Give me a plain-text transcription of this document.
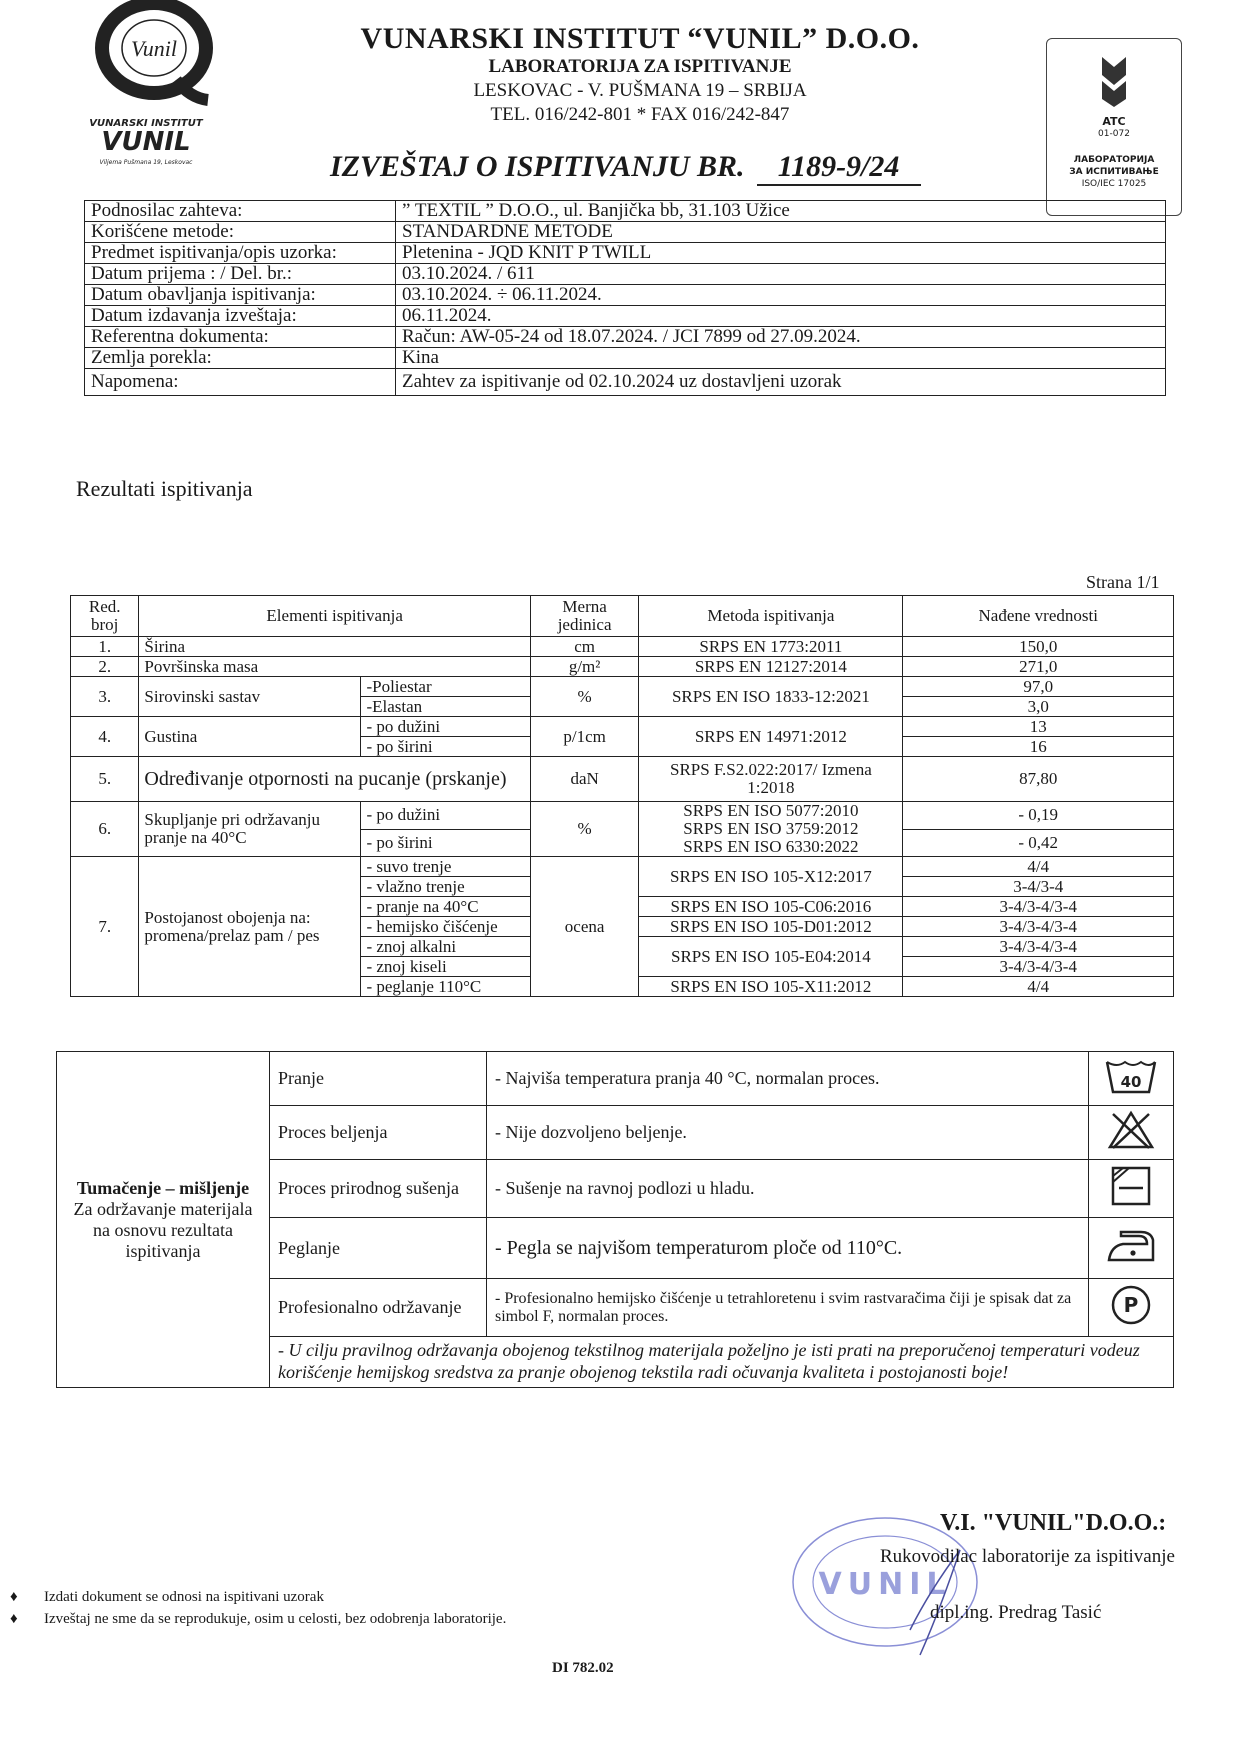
Vunil
VUNARSKI INSTITUT
VUNIL
Viljema Pušmana 19, Leskovac
VUNARSKI INSTITUT “VUNIL” D.O.O.
LABORATORIJA ZA ISPITIVANJE
LESKOVAC - V. PUŠMANA 19 – SRBIJA
TEL. 016/242-801 * FAX 016/242-847
IZVEŠTAJ O ISPITIVANJU BR. 1189-9/24
ATC
01-072
ЛАБОРАТОРИЈА
ЗА ИСПИТИВАЊЕ
ISO/IEC 17025
Podnosilac zahteva:	” TEXTIL ” D.O.O., ul. Banjička bb, 31.103 Užice
Korišćene metode:	STANDARDNE METODE
Predmet ispitivanja/opis uzorka:	Pletenina - JQD KNIT P TWILL
Datum prijema : / Del. br.:	03.10.2024. / 611
Datum obavljanja ispitivanja:	03.10.2024. ÷ 06.11.2024.
Datum izdavanja izveštaja:	06.11.2024.
Referentna dokumenta:	Račun: AW-05-24 od 18.07.2024. / JCI 7899 od 27.09.2024.
Zemlja porekla:	Kina
Napomena:	Zahtev za ispitivanje od 02.10.2024 uz dostavljeni uzorak
Rezultati ispitivanja
Strana 1/1
Red. broj	Elementi ispitivanja		Merna jedinica	Metoda ispitivanja	Nađene vrednosti
1.	Širina		cm	SRPS EN 1773:2011	150,0
2.	Površinska masa		g/m²	SRPS EN 12127:2014	271,0
3.	Sirovinski sastav	-Poliestar	%	SRPS EN ISO 1833-12:2021	97,0
		-Elastan			3,0
4.	Gustina	- po dužini	p/1cm	SRPS EN 14971:2012	13
		- po širini			16
5.	Određivanje otpornosti na pucanje (prskanje)		daN	SRPS F.S2.022:2017/ Izmena 1:2018	87,80
6.	Skupljanje pri održavanju pranje na 40°C	- po dužini	%	SRPS EN ISO 5077:2010
SRPS EN ISO 3759:2012
SRPS EN ISO 6330:2022	- 0,19
		- po širini			- 0,42
7.	Postojanost obojenja na: promena/prelaz pam / pes	- suvo trenje	ocena	SRPS EN ISO 105-X12:2017	4/4
		- vlažno trenje			3-4/3-4
		- pranje na 40°C		SRPS EN ISO 105-C06:2016	3-4/3-4/3-4
		- hemijsko čišćenje		SRPS EN ISO 105-D01:2012	3-4/3-4/3-4
		- znoj alkalni		SRPS EN ISO 105-E04:2014	3-4/3-4/3-4
		- znoj kiseli			3-4/3-4/3-4
		- peglanje 110°C		SRPS EN ISO 105-X11:2012	4/4
Tumačenje – mišljenje
Za održavanje materijala na osnovu rezultata ispitivanja	Pranje	- Najviša temperatura pranja 40 °C, normalan proces.	40

	Proces beljenja	- Nije dozvoljeno beljenje.	
	Proces prirodnog sušenja	- Sušenje na ravnoj podlozi u hladu.	
	Peglanje	- Pegla se najvišom temperaturom ploče od 110°C.	
	Profesionalno održavanje	- Profesionalno hemijsko čišćenje u tetrahloretenu i svim rastvaračima čiji je spisak dat za simbol F, normalan proces.	P

	- U cilju pravilnog održavanja obojenog tekstilnog materijala poželjno je isti prati na preporučenoj temperaturi vodeuz korišćenje hemijskog sredstva za pranje obojenog tekstila radi očuvanja kvaliteta i postojanosti boje!		
VUNIL
V.I. "VUNIL"D.O.O.:
Rukovodilac laboratorije za ispitivanje
dipl.ing. Predrag Tasić
♦ Izdati dokument se odnosi na ispitivani uzorak
♦ Izveštaj ne sme da se reprodukuje, osim u celosti, bez odobrenja laboratorije.
DI 782.02
